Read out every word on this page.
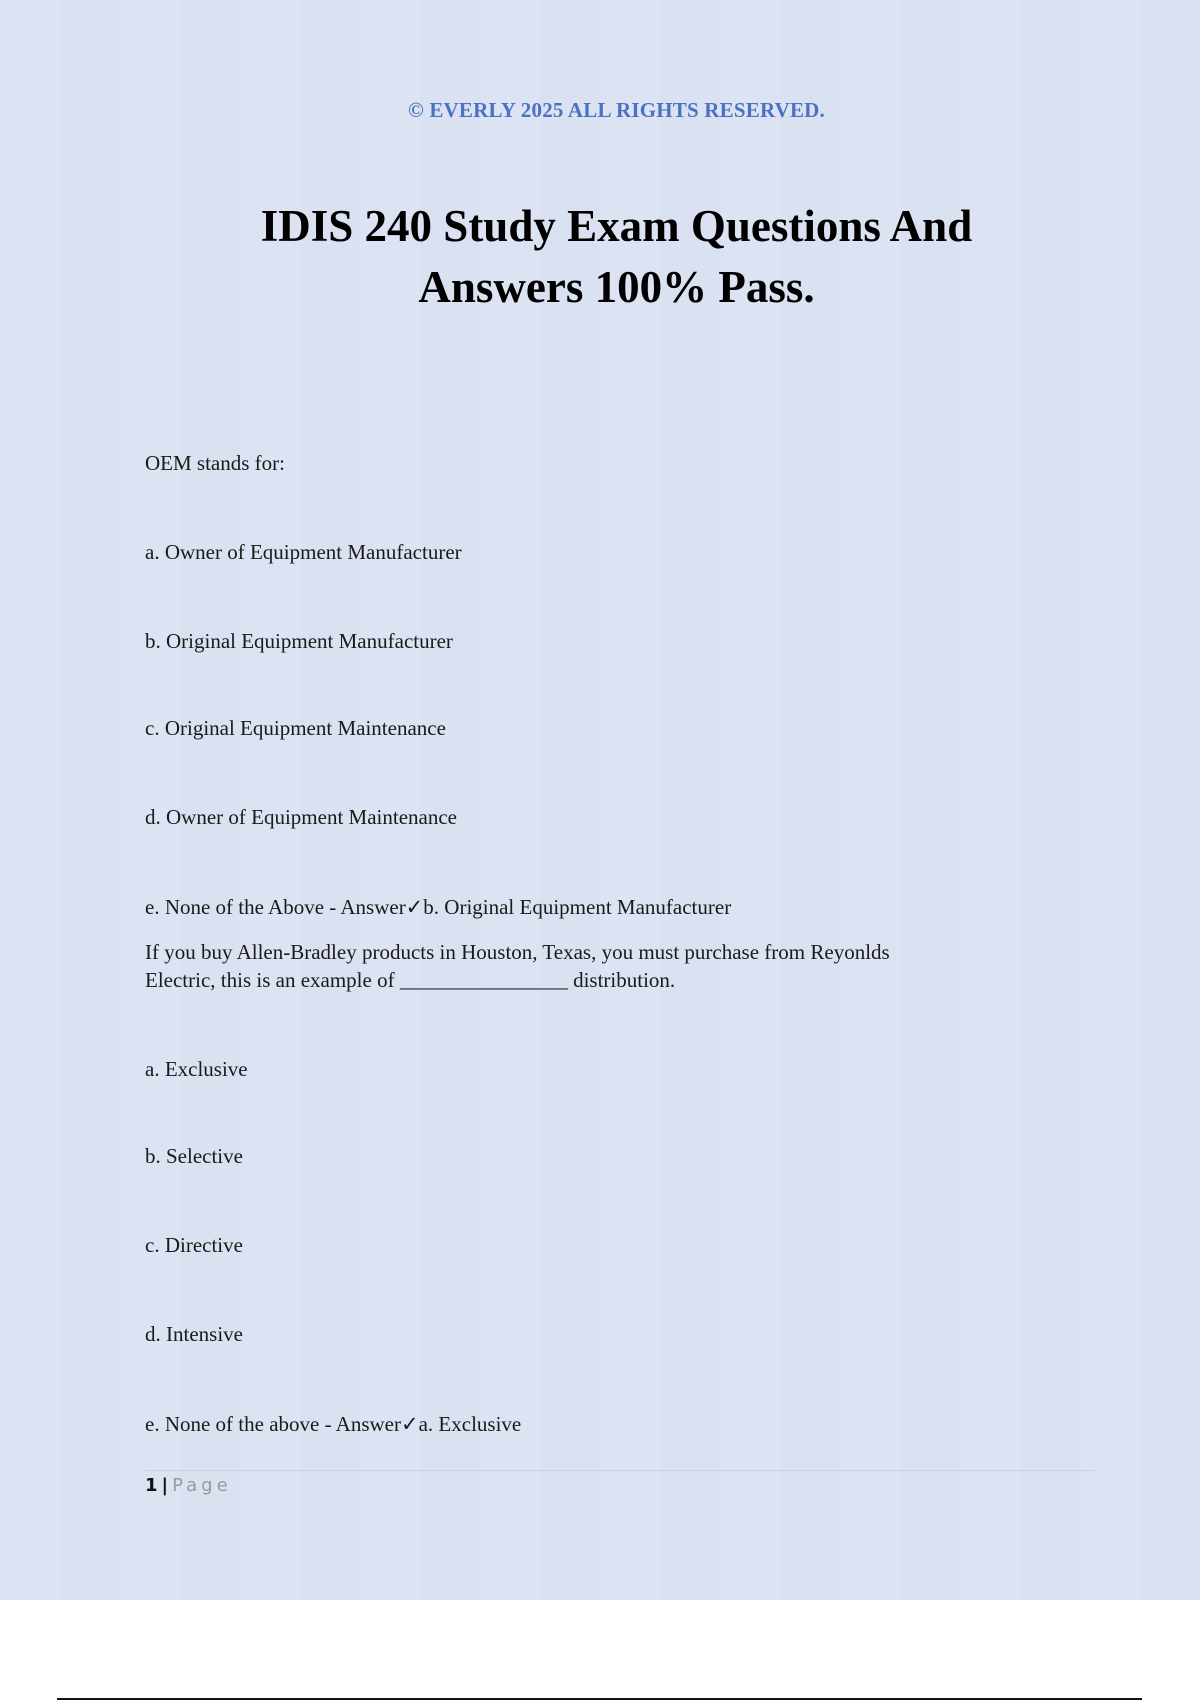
© EVERLY 2025 ALL RIGHTS RESERVED.
IDIS 240 Study Exam Questions And
Answers 100% Pass.
OEM stands for:
a. Owner of Equipment Manufacturer
b. Original Equipment Manufacturer
c. Original Equipment Maintenance
d. Owner of Equipment Maintenance
e. None of the Above - Answer✓b. Original Equipment Manufacturer
If you buy Allen-Bradley products in Houston, Texas, you must purchase from Reyonlds
Electric, this is an example of ________________ distribution.
a. Exclusive
b. Selective
c. Directive
d. Intensive
e. None of the above - Answer✓a. Exclusive
1 | Page
